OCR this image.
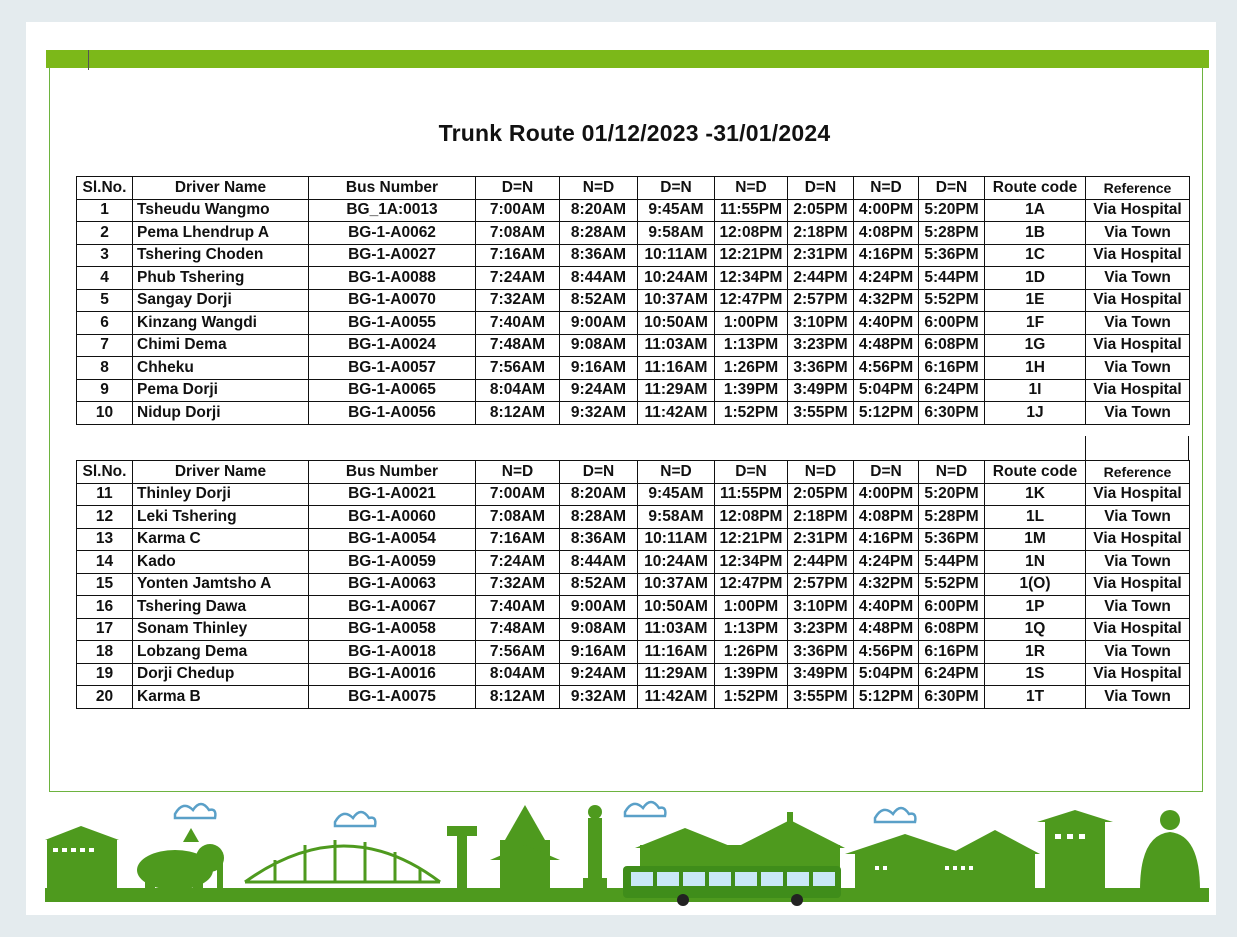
Trunk Route 01/12/2023 -31/01/2024
Sl.No.	Driver Name	Bus Number	D=N	N=D	D=N	N=D	D=N	N=D	D=N	Route code	Reference
1	Tsheudu Wangmo	BG_1A:0013	7:00AM	8:20AM	9:45AM	11:55PM	2:05PM	4:00PM	5:20PM	1A	Via Hospital
2	Pema Lhendrup A	BG-1-A0062	7:08AM	8:28AM	9:58AM	12:08PM	2:18PM	4:08PM	5:28PM	1B	Via Town
3	Tshering Choden	BG-1-A0027	7:16AM	8:36AM	10:11AM	12:21PM	2:31PM	4:16PM	5:36PM	1C	Via Hospital
4	Phub Tshering	BG-1-A0088	7:24AM	8:44AM	10:24AM	12:34PM	2:44PM	4:24PM	5:44PM	1D	Via Town
5	Sangay Dorji	BG-1-A0070	7:32AM	8:52AM	10:37AM	12:47PM	2:57PM	4:32PM	5:52PM	1E	Via Hospital
6	Kinzang Wangdi	BG-1-A0055	7:40AM	9:00AM	10:50AM	1:00PM	3:10PM	4:40PM	6:00PM	1F	Via Town
7	Chimi Dema	BG-1-A0024	7:48AM	9:08AM	11:03AM	1:13PM	3:23PM	4:48PM	6:08PM	1G	Via Hospital
8	Chheku	BG-1-A0057	7:56AM	9:16AM	11:16AM	1:26PM	3:36PM	4:56PM	6:16PM	1H	Via Town
9	Pema Dorji	BG-1-A0065	8:04AM	9:24AM	11:29AM	1:39PM	3:49PM	5:04PM	6:24PM	1I	Via Hospital
10	Nidup Dorji	BG-1-A0056	8:12AM	9:32AM	11:42AM	1:52PM	3:55PM	5:12PM	6:30PM	1J	Via Town
Sl.No.	Driver Name	Bus Number	N=D	D=N	N=D	D=N	N=D	D=N	N=D	Route code	Reference
11	Thinley Dorji	BG-1-A0021	7:00AM	8:20AM	9:45AM	11:55PM	2:05PM	4:00PM	5:20PM	1K	Via Hospital
12	Leki Tshering	BG-1-A0060	7:08AM	8:28AM	9:58AM	12:08PM	2:18PM	4:08PM	5:28PM	1L	Via Town
13	Karma C	BG-1-A0054	7:16AM	8:36AM	10:11AM	12:21PM	2:31PM	4:16PM	5:36PM	1M	Via Hospital
14	Kado	BG-1-A0059	7:24AM	8:44AM	10:24AM	12:34PM	2:44PM	4:24PM	5:44PM	1N	Via Town
15	Yonten Jamtsho A	BG-1-A0063	7:32AM	8:52AM	10:37AM	12:47PM	2:57PM	4:32PM	5:52PM	1(O)	Via Hospital
16	Tshering Dawa	BG-1-A0067	7:40AM	9:00AM	10:50AM	1:00PM	3:10PM	4:40PM	6:00PM	1P	Via Town
17	Sonam Thinley	BG-1-A0058	7:48AM	9:08AM	11:03AM	1:13PM	3:23PM	4:48PM	6:08PM	1Q	Via Hospital
18	Lobzang Dema	BG-1-A0018	7:56AM	9:16AM	11:16AM	1:26PM	3:36PM	4:56PM	6:16PM	1R	Via Town
19	Dorji Chedup	BG-1-A0016	8:04AM	9:24AM	11:29AM	1:39PM	3:49PM	5:04PM	6:24PM	1S	Via Hospital
20	Karma B	BG-1-A0075	8:12AM	9:32AM	11:42AM	1:52PM	3:55PM	5:12PM	6:30PM	1T	Via Town
